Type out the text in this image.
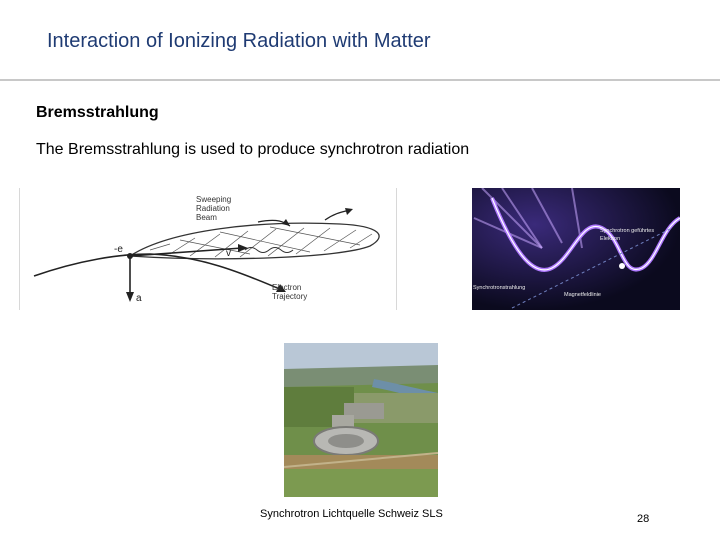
Interaction of Ionizing Radiation with Matter
Bremsstrahlung
The Bremsstrahlung is used to produce synchrotron radiation
Sweeping
Radiation
Beam
-e	v
a
Electron
Trajectory
Synchrotron geführtes
Elektron
Synchrotronstrahlung
Magnetfeldlinie
Synchrotron Lichtquelle Schweiz SLS	28
